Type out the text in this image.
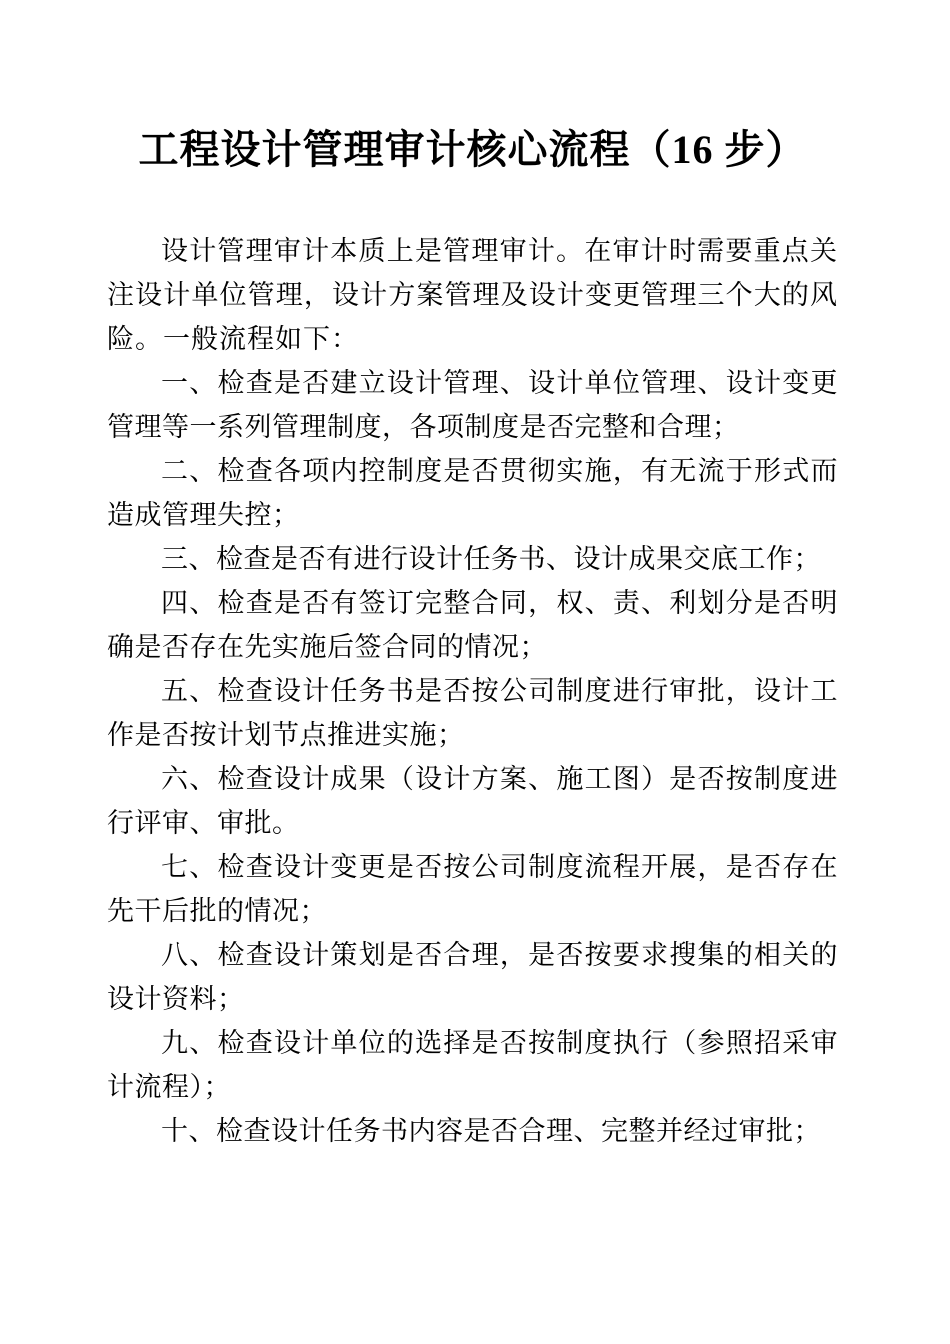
工程设计管理审计核心流程（16 步）

设计管理审计本质上是管理审计。在审计时需要重点关注设计单位管理，设计方案管理及设计变更管理三个大的风险。一般流程如下：

一、检查是否建立设计管理、设计单位管理、设计变更管理等一系列管理制度，各项制度是否完整和合理；

二、检查各项内控制度是否贯彻实施，有无流于形式而造成管理失控；

三、检查是否有进行设计任务书、设计成果交底工作；

四、检查是否有签订完整合同，权、责、利划分是否明确是否存在先实施后签合同的情况；

五、检查设计任务书是否按公司制度进行审批，设计工作是否按计划节点推进实施；

六、检查设计成果（设计方案、施工图）是否按制度进行评审、审批。

七、检查设计变更是否按公司制度流程开展，是否存在先干后批的情况；

八、检查设计策划是否合理，是否按要求搜集的相关的设计资料；

九、检查设计单位的选择是否按制度执行（参照招采审计流程）；

十、检查设计任务书内容是否合理、完整并经过审批；
